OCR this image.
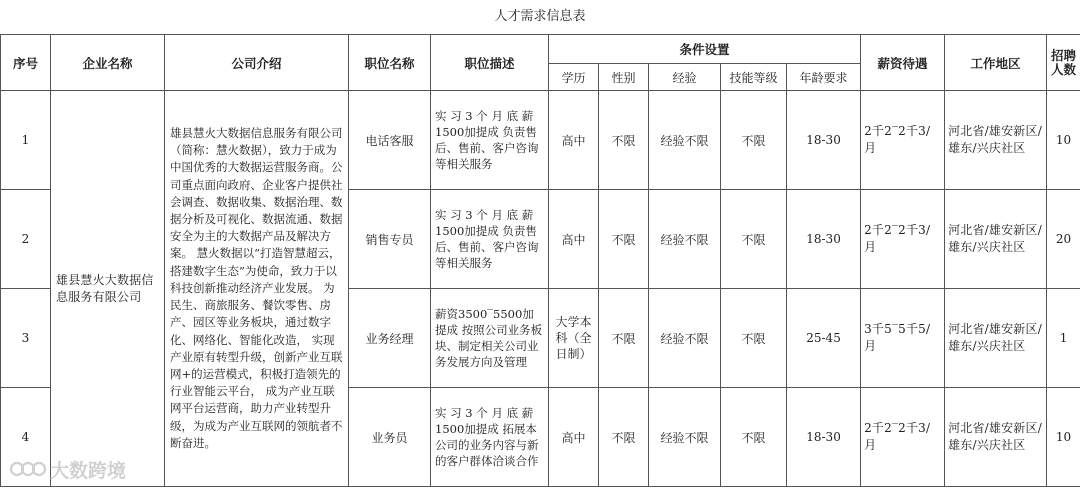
人才需求信息表
序号	企业名称	公司介绍	职位名称	职位描述	条件设置					薪资待遇	工作地区	招聘人数
					学历	性别	经验	技能等级	年龄要求			
1	雄县慧火大数据信息服务有限公司	雄县慧火大数据信息服务有限公司（简称：慧火数据），致力于成为中国优秀的大数据运营服务商。公司重点面向政府、企业客户提供社会调查、数据收集、数据治理、数据分析及可视化、数据流通、数据安全为主的大数据产品及解决方案。 慧火数据以“打造智慧超云，搭建数字生态”为使命，致力于以科技创新推动经济产业发展。 为民生、商旅服务、餐饮零售、房产、园区等业务板块，通过数字化、网络化、智能化改造， 实现产业原有转型升级，创新产业互联网+的运营模式，积极打造领先的行业智能云平台， 成为产业互联网平台运营商，助力产业转型升级，为成为产业互联网的领航者不断奋进。	电话客服	实 习 3 个 月 底 薪 1500加提成 负责售后、售前、客户咨询等相关服务	高中	不限	经验不限	不限	18-30	2千2‾2千3/月	河北省/雄安新区/雄东/兴庆社区	10
2			销售专员	实 习 3 个 月 底 薪 1500加提成 负责售后、售前、客户咨询等相关服务	高中	不限	经验不限	不限	18-30	2千2‾2千3/月	河北省/雄安新区/雄东/兴庆社区	20
3			业务经理	薪资3500‾5500加提成 按照公司业务板块、制定相关公司业务发展方向及管理	大学本科（全日制）	不限	经验不限	不限	25-45	3千5‾5千5/月	河北省/雄安新区/雄东/兴庆社区	1
4			业务员	实 习 3 个 月 底 薪 1500加提成 拓展本公司的业务内容与新的客户群体洽谈合作	高中	不限	经验不限	不限	18-30	2千2‾2千3/月	河北省/雄安新区/雄东/兴庆社区	10
大数跨境
